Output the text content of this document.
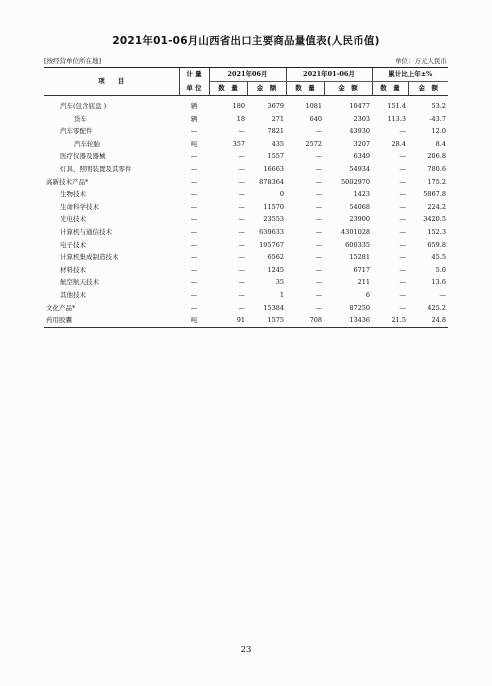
2021年01-06月山西省出口主要商品量值表(人民币值)
[按经营单位所在地]	单位：万元人民币
项　　目	计 量	2021年06月		2021年01-06月		累计比上年±%	
	单 位	数　量	金　额	数　量	金　额	数　量	金　额
汽车(包含底盘 )	辆	180	3679	1081	10477	151.4	53.2
货车	辆	18	271	640	2303	113.3	-43.7
汽车零配件	—	—	7821	—	43930	—	12.0
汽车轮胎	吨	357	435	2572	3207	28.4	8.4
医疗仪器及器械	—	—	1557	—	6349	—	206.8
灯具、照明装置及其零件	—	—	16663	—	54934	—	780.6
高新技术产品*	—	—	878364	—	5002970	—	175.2
生物技术	—	—	0	—	1423	—	5867.8
生命科学技术	—	—	11570	—	54068	—	224.2
光电技术	—	—	23553	—	23900	—	3420.5
计算机与通信技术	—	—	639633	—	4301028	—	152.3
电子技术	—	—	195767	—	600335	—	659.8
计算机集成制造技术	—	—	6562	—	15281	—	45.5
材料技术	—	—	1245	—	6717	—	5.0
航空航天技术	—	—	35	—	211	—	13.6
其他技术	—	—	1	—	6	—	—
文化产品*	—	—	15384	—	87250	—	425.2
药用胶囊	吨	91	1575	708	13436	21.5	24.8
23
